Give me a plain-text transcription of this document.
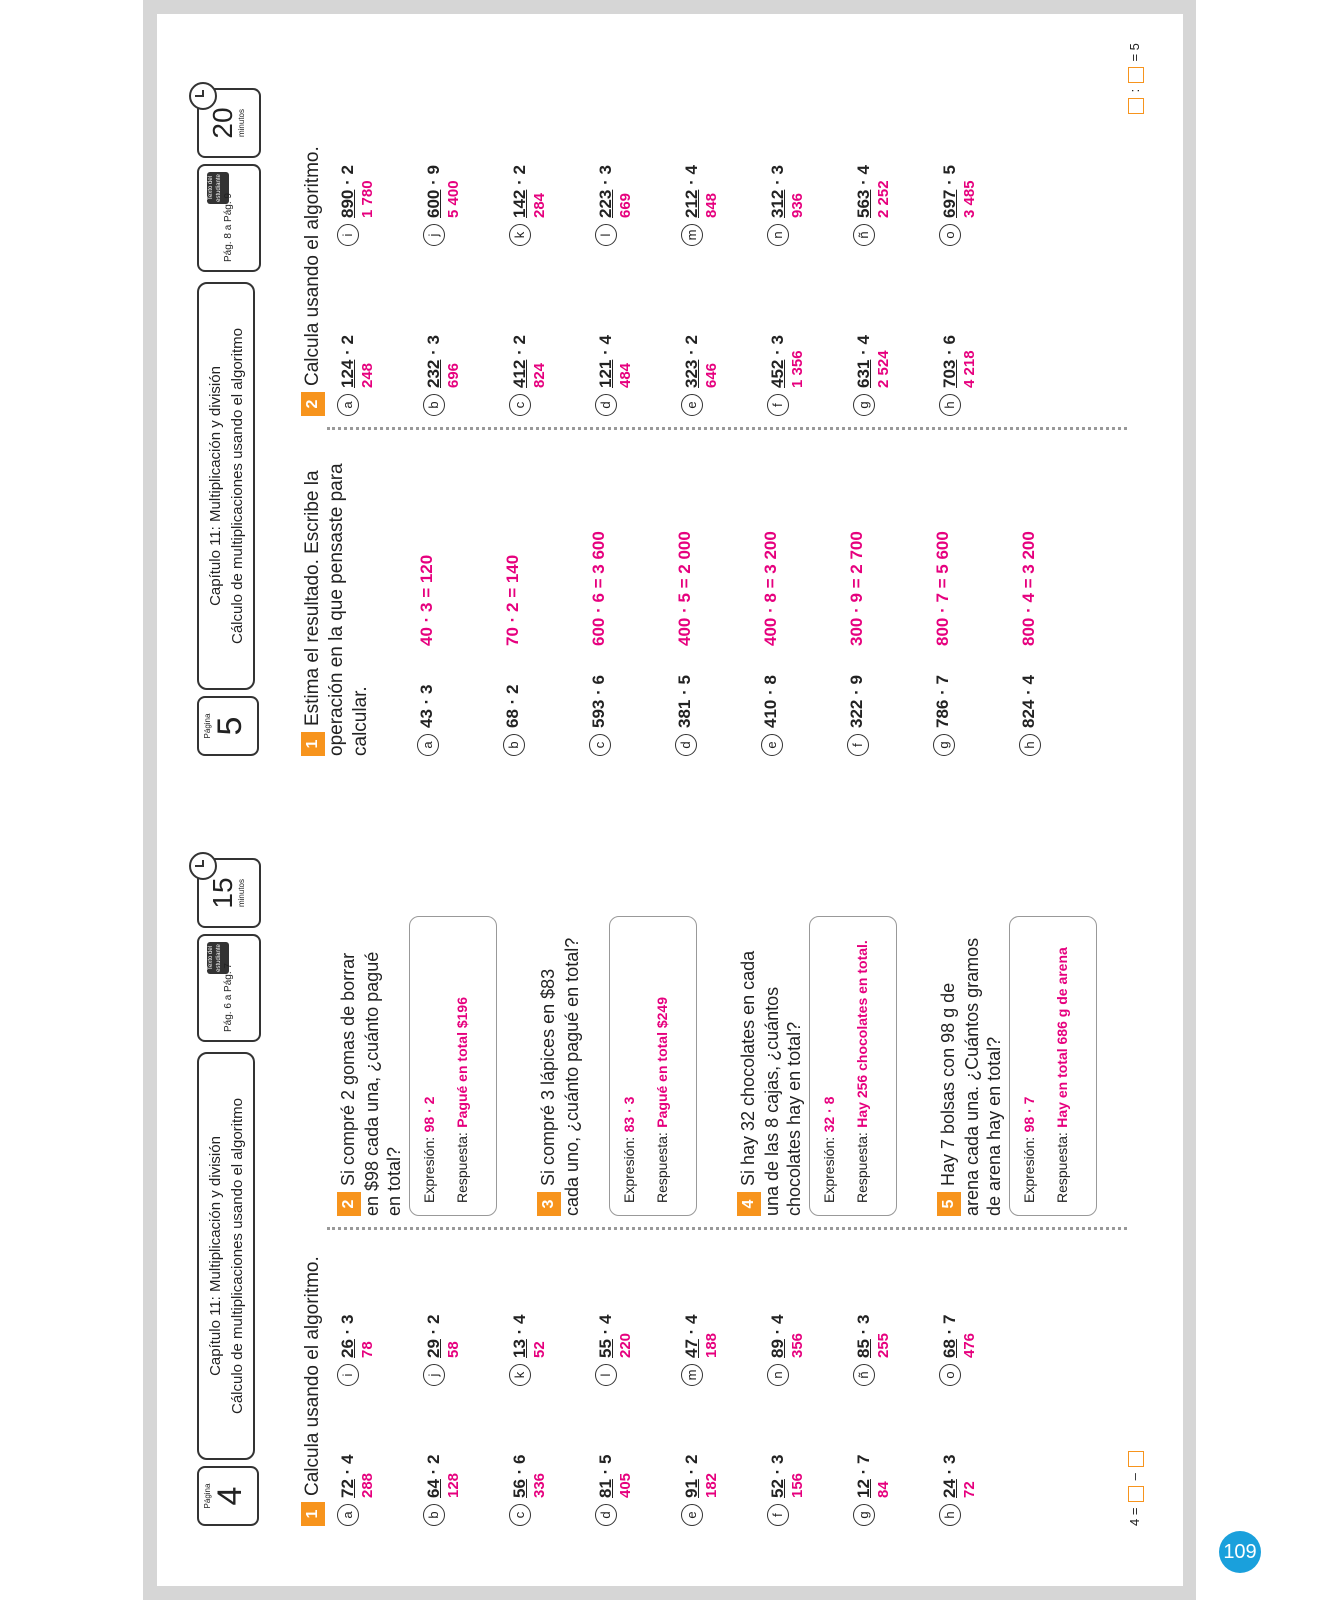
Página 4
Capítulo 11: Multiplicación y división Cálculo de multiplicaciones usando el algoritmo
Texto del estudiante
Pág. 6 a Pág. 7
15 minutos
1Calcula usando el algoritmo.
a
72 · 4
288
b
64 · 2
128
c
56 · 6
336
d
81 · 5
405
e
91 · 2
182
f
52 · 3
156
g
12 · 7
84
h
24 · 3
72
i
26 · 3
78
j
29 · 2
58
k
13 · 4
52
l
55 · 4
220
m
47 · 4
188
n
89 · 4
356
ñ
85 · 3
255
o
68 · 7
476
2Si compré 2 gomas de borrar en $98 cada una, ¿cuánto pagué en total? Expresión: 98 · 2
Respuesta: Pagué en total $196
3Si compré 3 lápices en $83 cada uno, ¿cuánto pagué en total?	Expresión: 83 · 3
Respuesta: Pagué en total $249
4Si hay 32 chocolates en cada una de las 8 cajas, ¿cuántos chocolates hay en total? Expresión: 32 · 8
Respuesta: Hay 256 chocolates en total.
5Hay 7 bolsas con 98 g de arena cada una. ¿Cuántos gramos de arena hay en total? Expresión: 98 · 7
Respuesta: Hay en total 686 g de arena
4 =  –
Página 5
Capítulo 11: Multiplicación y división Cálculo de multiplicaciones usando el algoritmo
Texto del estudiante
Pág. 8 a Pág. 9
20 minutos
1Estima el resultado. Escribe la operación en la que pensaste para calcular.	a43 · 3
40 · 3 = 120
b68 · 2
70 · 2 = 140
c593 · 6
600 · 6 = 3 600
d381 · 5
400 · 5 = 2 000
e410 · 8
400 · 8 = 3 200
f322 · 9
300 · 9 = 2 700
g786 · 7
800 · 7 = 5 600
h824 · 4
800 · 4 = 3 200
2Calcula usando el algoritmo.
a
124 · 2
248
b
232 · 3
696
c
412 · 2
824
d
121 · 4
484
e
323 · 2
646
f
452 · 3
1 356
g
631 · 4
2 524
h
703 · 6
4 218
i
890 · 2
1 780
j
600 · 9
5 400
k
142 · 2
284
l
223 · 3
669
m
212 · 4
848
n
312 · 3
936
ñ
563 · 4
2 252
o
697 · 5
3 485
:  = 5
109
